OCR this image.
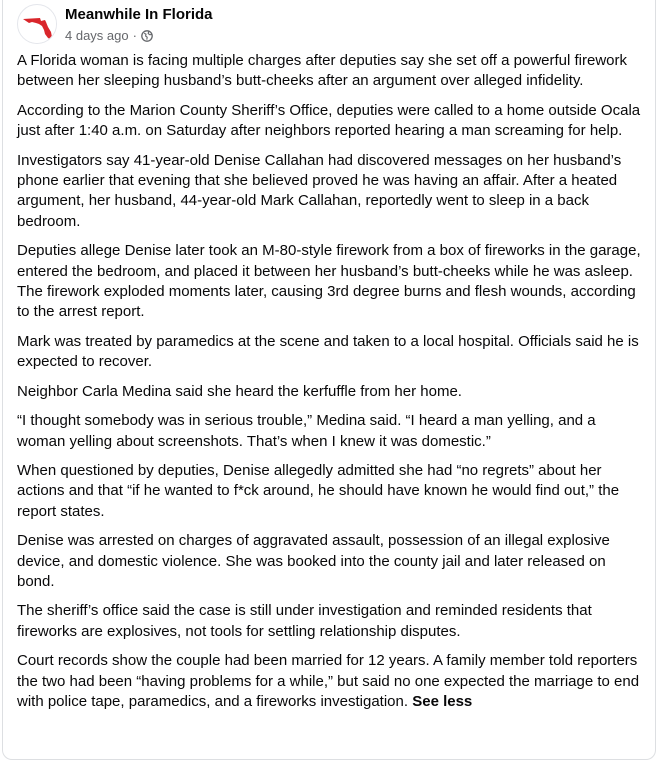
Meanwhile In Florida
4 days ago ·

A Florida woman is facing multiple charges after deputies say she set off a powerful firework between her sleeping husband’s butt-cheeks after an argument over alleged infidelity.

According to the Marion County Sheriff’s Office, deputies were called to a home outside Ocala just after 1:40 a.m. on Saturday after neighbors reported hearing a man screaming for help.

Investigators say 41-year-old Denise Callahan had discovered messages on her husband’s phone earlier that evening that she believed proved he was having an affair. After a heated argument, her husband, 44-year-old Mark Callahan, reportedly went to sleep in a back bedroom.

Deputies allege Denise later took an M-80-style firework from a box of fireworks in the garage, entered the bedroom, and placed it between her husband’s butt-cheeks while he was asleep. The firework exploded moments later, causing 3rd degree burns and flesh wounds, according to the arrest report.

Mark was treated by paramedics at the scene and taken to a local hospital. Officials said he is expected to recover.

Neighbor Carla Medina said she heard the kerfuffle from her home.

“I thought somebody was in serious trouble,” Medina said. “I heard a man yelling, and a woman yelling about screenshots. That’s when I knew it was domestic.”

When questioned by deputies, Denise allegedly admitted she had “no regrets” about her actions and that “if he wanted to f*ck around, he should have known he would find out,” the report states.

Denise was arrested on charges of aggravated assault, possession of an illegal explosive device, and domestic violence. She was booked into the county jail and later released on bond.

The sheriff’s office said the case is still under investigation and reminded residents that fireworks are explosives, not tools for settling relationship disputes.

Court records show the couple had been married for 12 years. A family member told reporters the two had been “having problems for a while,” but said no one expected the marriage to end with police tape, paramedics, and a fireworks investigation. See less
